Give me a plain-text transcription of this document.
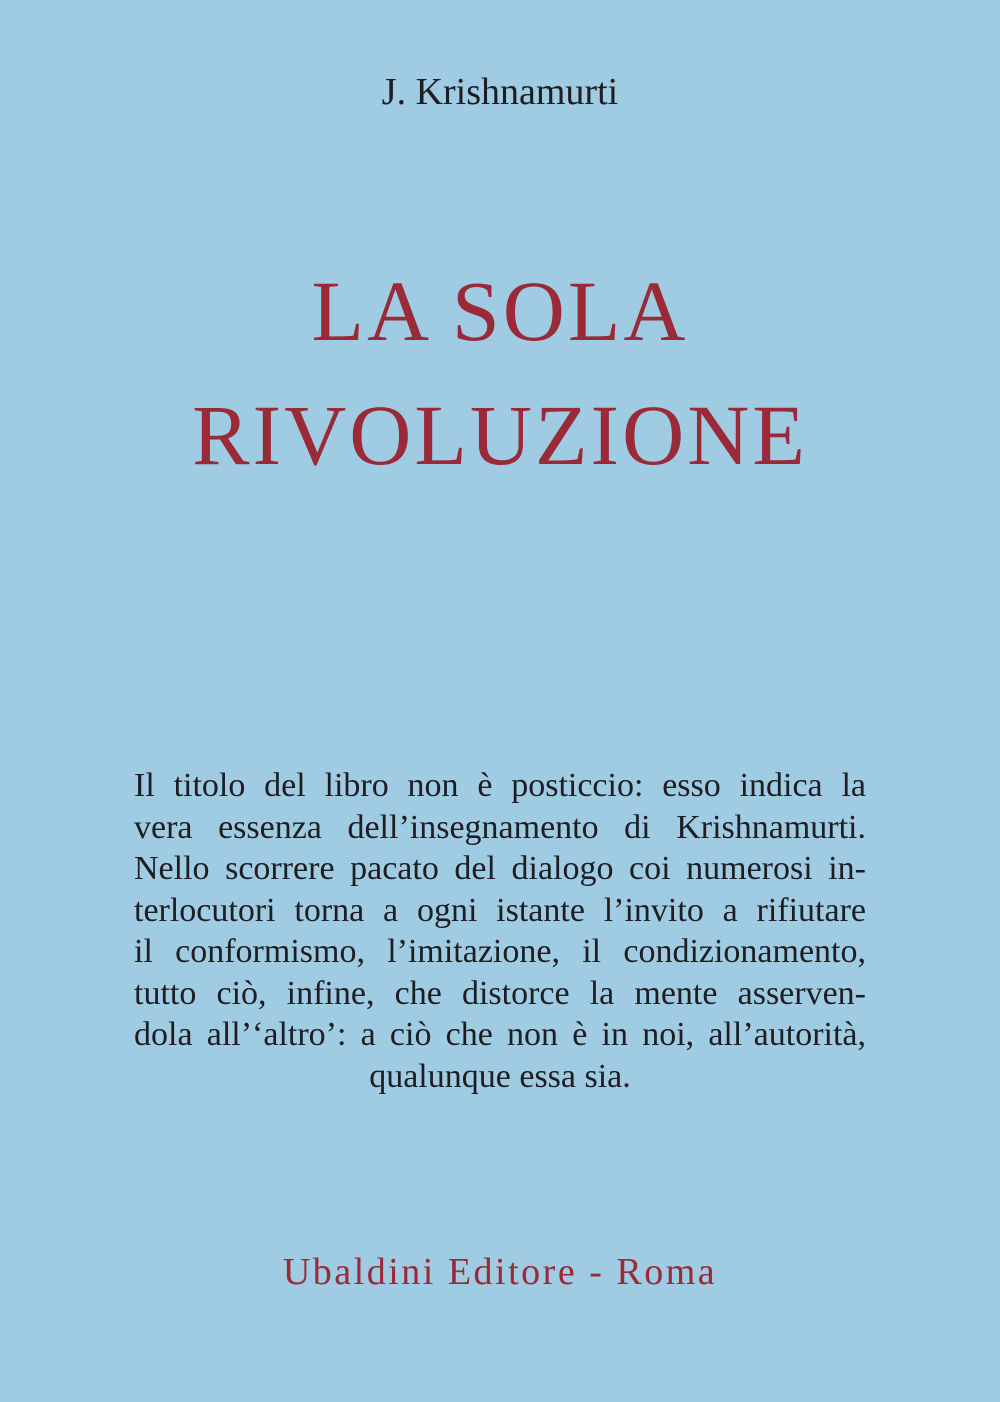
J. Krishnamurti
LA SOLA
RIVOLUZIONE
Il titolo del libro non è posticcio: esso indica la
vera essenza dell’insegnamento di Krishnamurti.
Nello scorrere pacato del dialogo coi numerosi in-
terlocutori torna a ogni istante l’invito a rifiutare
il conformismo, l’imitazione, il condizionamento,
tutto ciò, infine, che distorce la mente asserven-
dola all’‘altro’: a ciò che non è in noi, all’autorità,
qualunque essa sia.
Ubaldini Editore - Roma
